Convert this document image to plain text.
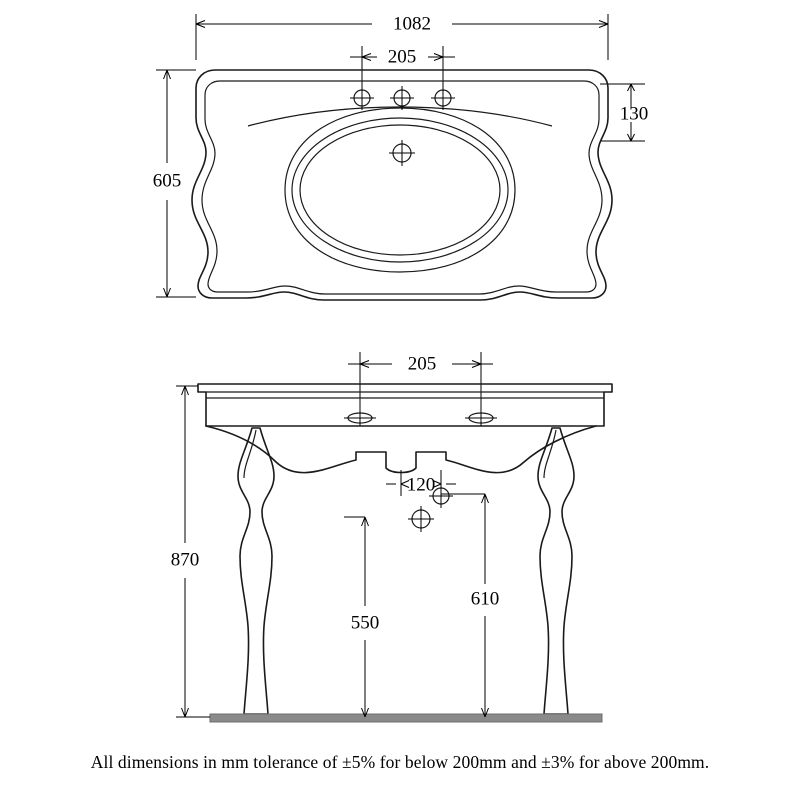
1082
205
605
130
205
120
870
550
610
All dimensions in mm tolerance of ±5% for below 200mm and ±3% for above 200mm.
